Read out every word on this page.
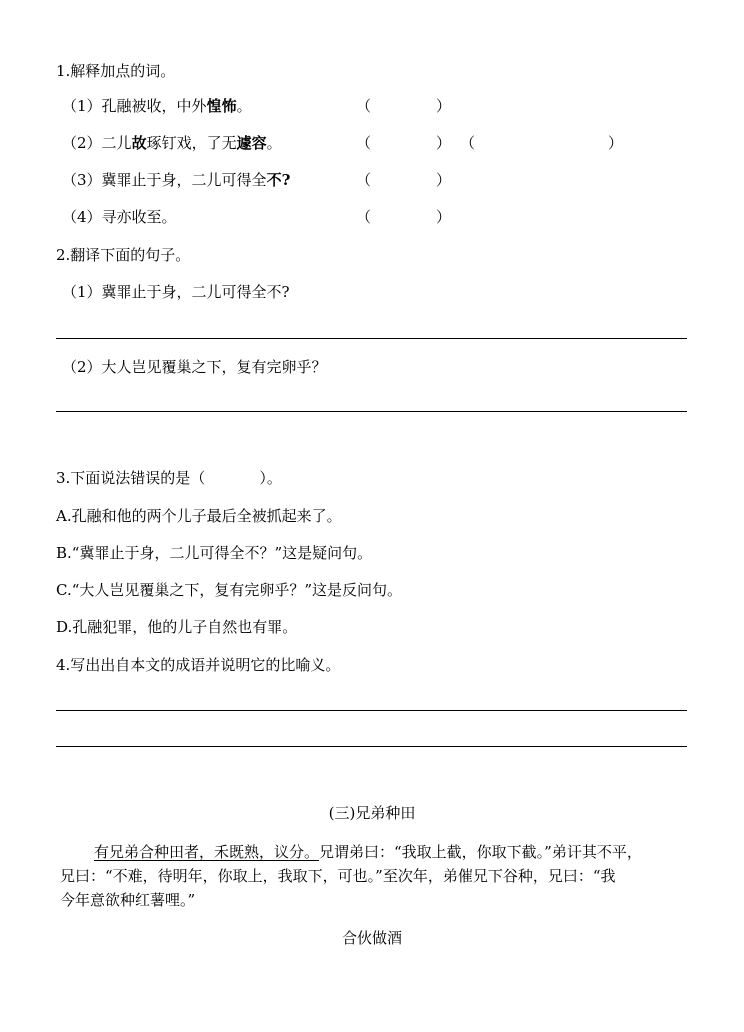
1.解释加点的词。
（1）孔融被收，中外惶怖。	（	）
（2）二儿故琢钉戏，了无遽容。	（	） （	）
（3）冀罪止于身，二儿可得全不?	（	）
（4）寻亦收至。	（	）
2.翻译下面的句子。
（1）冀罪止于身，二儿可得全不?
（2）大人岂见覆巢之下，复有完卵乎？
3.下面说法错误的是（	）。
A.孔融和他的两个儿子最后全被抓起来了。
B.“冀罪止于身，二儿可得全不？”这是疑问句。
C.“大人岂见覆巢之下，复有完卵乎？”这是反问句。
D.孔融犯罪，他的儿子自然也有罪。
4.写出出自本文的成语并说明它的比喻义。
(三)兄弟种田
有兄弟合种田者，禾既熟，议分。兄谓弟曰：“我取上截，你取下截。”弟讦其不平，
兄曰：“不难，待明年，你取上，我取下，可也。”至次年，弟催兄下谷种，兄曰：“我
今年意欲种红薯哩。”
合伙做酒
